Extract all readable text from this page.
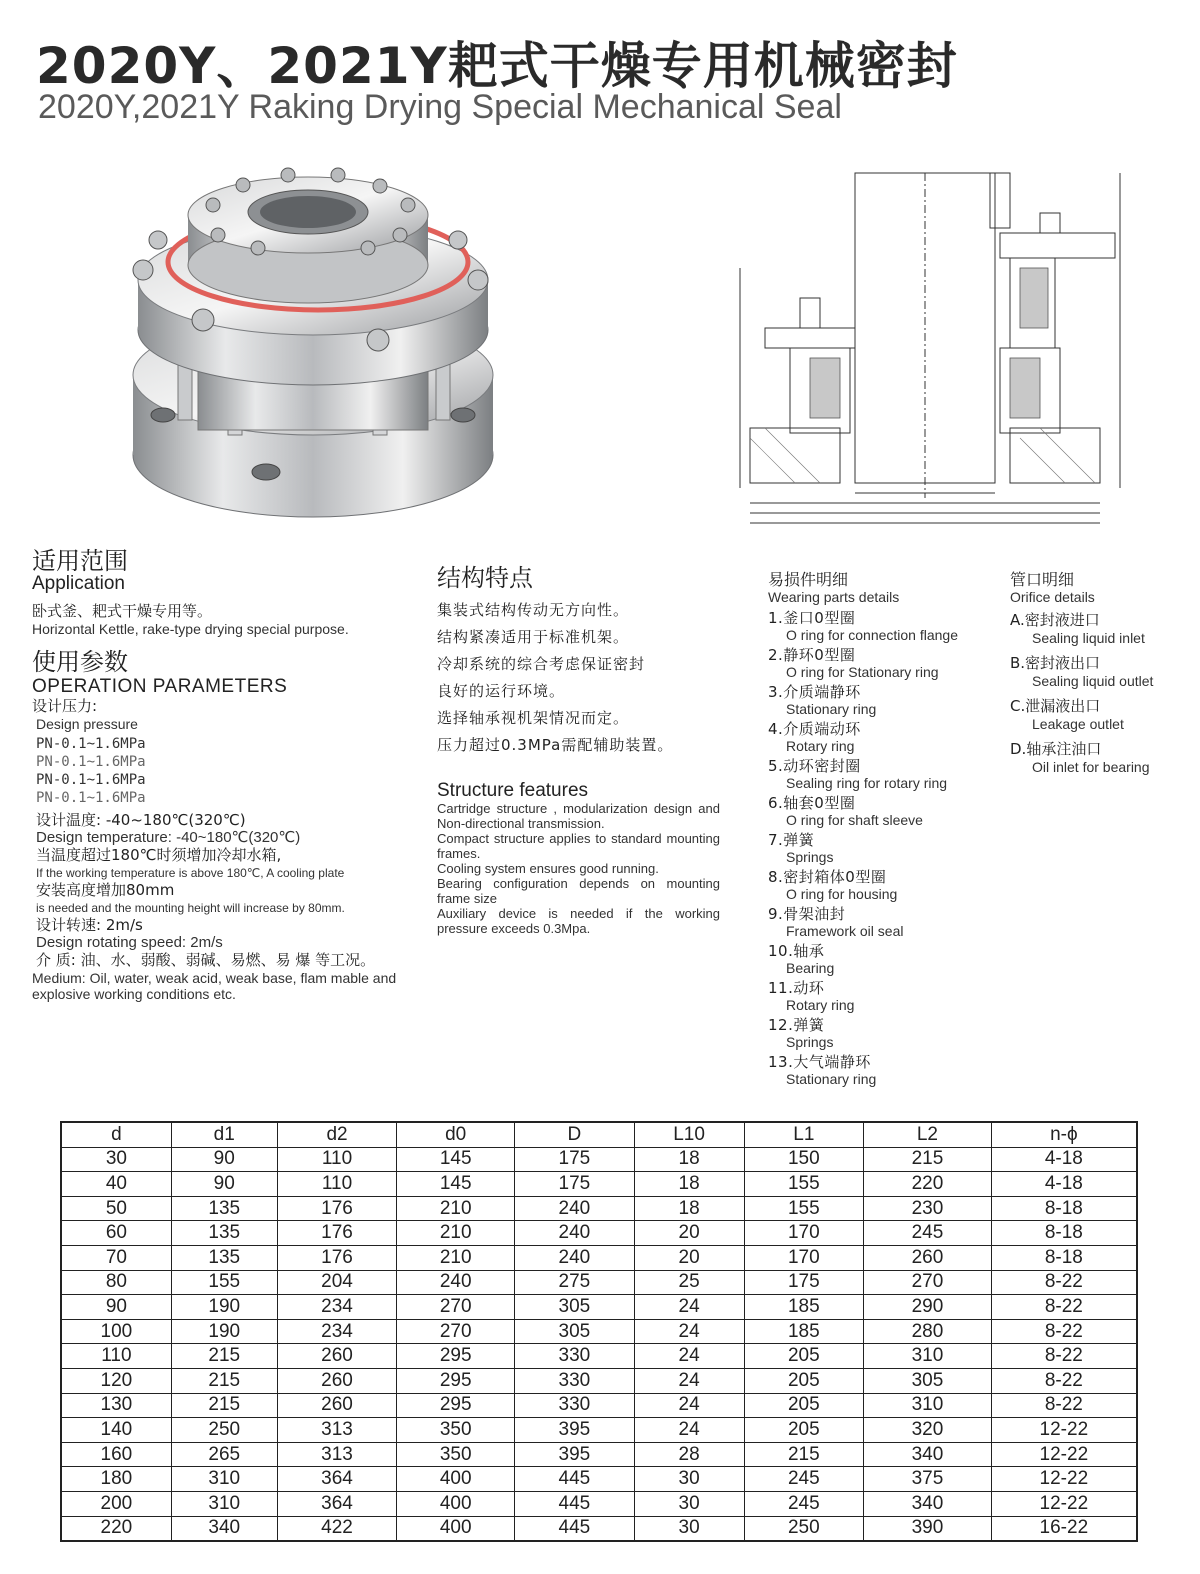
2020Y、2021Y耙式干燥专用机械密封
2020Y,2021Y Raking Drying Special Mechanical Seal
适用范围
Application
卧式釜、耙式干燥专用等。
Horizontal Kettle, rake-type drying special purpose.
使用参数
OPERATION PARAMETERS
设计压力:
Design pressure
PN-0.1~1.6MPa
PN-0.1~1.6MPa
PN-0.1~1.6MPa
PN-0.1~1.6MPa
设计温度: -40~180℃(320℃)
Design temperature: -40~180℃(320℃)
当温度超过180℃时须增加冷却水箱,
If the working temperature is above 180℃, A cooling plate
安装高度增加80mm
is needed and the mounting height will increase by 80mm.
设计转速: 2m/s
Design rotating speed: 2m/s
介 质: 油、水、弱酸、弱碱、易燃、易 爆 等工况。
Medium: Oil, water, weak acid, weak base, flam mable and explosive working conditions etc.
结构特点
集装式结构传动无方向性。
结构紧凑适用于标准机架。
冷却系统的综合考虑保证密封
良好的运行环境。
选择轴承视机架情况而定。
压力超过0.3MPa需配辅助装置。
Structure features
Cartridge structure , modularization design and Non-directional transmission.
Compact structure applies to standard mounting frames.
Cooling system ensures good running.
Bearing configuration depends on mounting frame size
Auxiliary device is needed if the working pressure exceeds 0.3Mpa.
易损件明细
Wearing parts details
1.釜口0型圈
O ring for connection flange
2.静环0型圈
O ring for Stationary ring
3.介质端静环
Stationary ring
4.介质端动环
Rotary ring
5.动环密封圈
Sealing ring for rotary ring
6.轴套0型圈
O ring for shaft sleeve
7.弹簧
Springs
8.密封箱体0型圈
O ring for housing
9.骨架油封
Framework oil seal
10.轴承
Bearing
11.动环
Rotary ring
12.弹簧
Springs
13.大气端静环
Stationary ring
管口明细
Orifice details
A.密封液进口
Sealing liquid inlet
B.密封液出口
Sealing liquid outlet
C.泄漏液出口
Leakage outlet
D.轴承注油口
Oil inlet for bearing
d	d1	d2	d0	D	L10	L1	L2	n-ϕ
30	90	110	145	175	18	150	215	4-18
40	90	110	145	175	18	155	220	4-18
50	135	176	210	240	18	155	230	8-18
60	135	176	210	240	20	170	245	8-18
70	135	176	210	240	20	170	260	8-18
80	155	204	240	275	25	175	270	8-22
90	190	234	270	305	24	185	290	8-22
100	190	234	270	305	24	185	280	8-22
110	215	260	295	330	24	205	310	8-22
120	215	260	295	330	24	205	305	8-22
130	215	260	295	330	24	205	310	8-22
140	250	313	350	395	24	205	320	12-22
160	265	313	350	395	28	215	340	12-22
180	310	364	400	445	30	245	375	12-22
200	310	364	400	445	30	245	340	12-22
220	340	422	400	445	30	250	390	16-22
